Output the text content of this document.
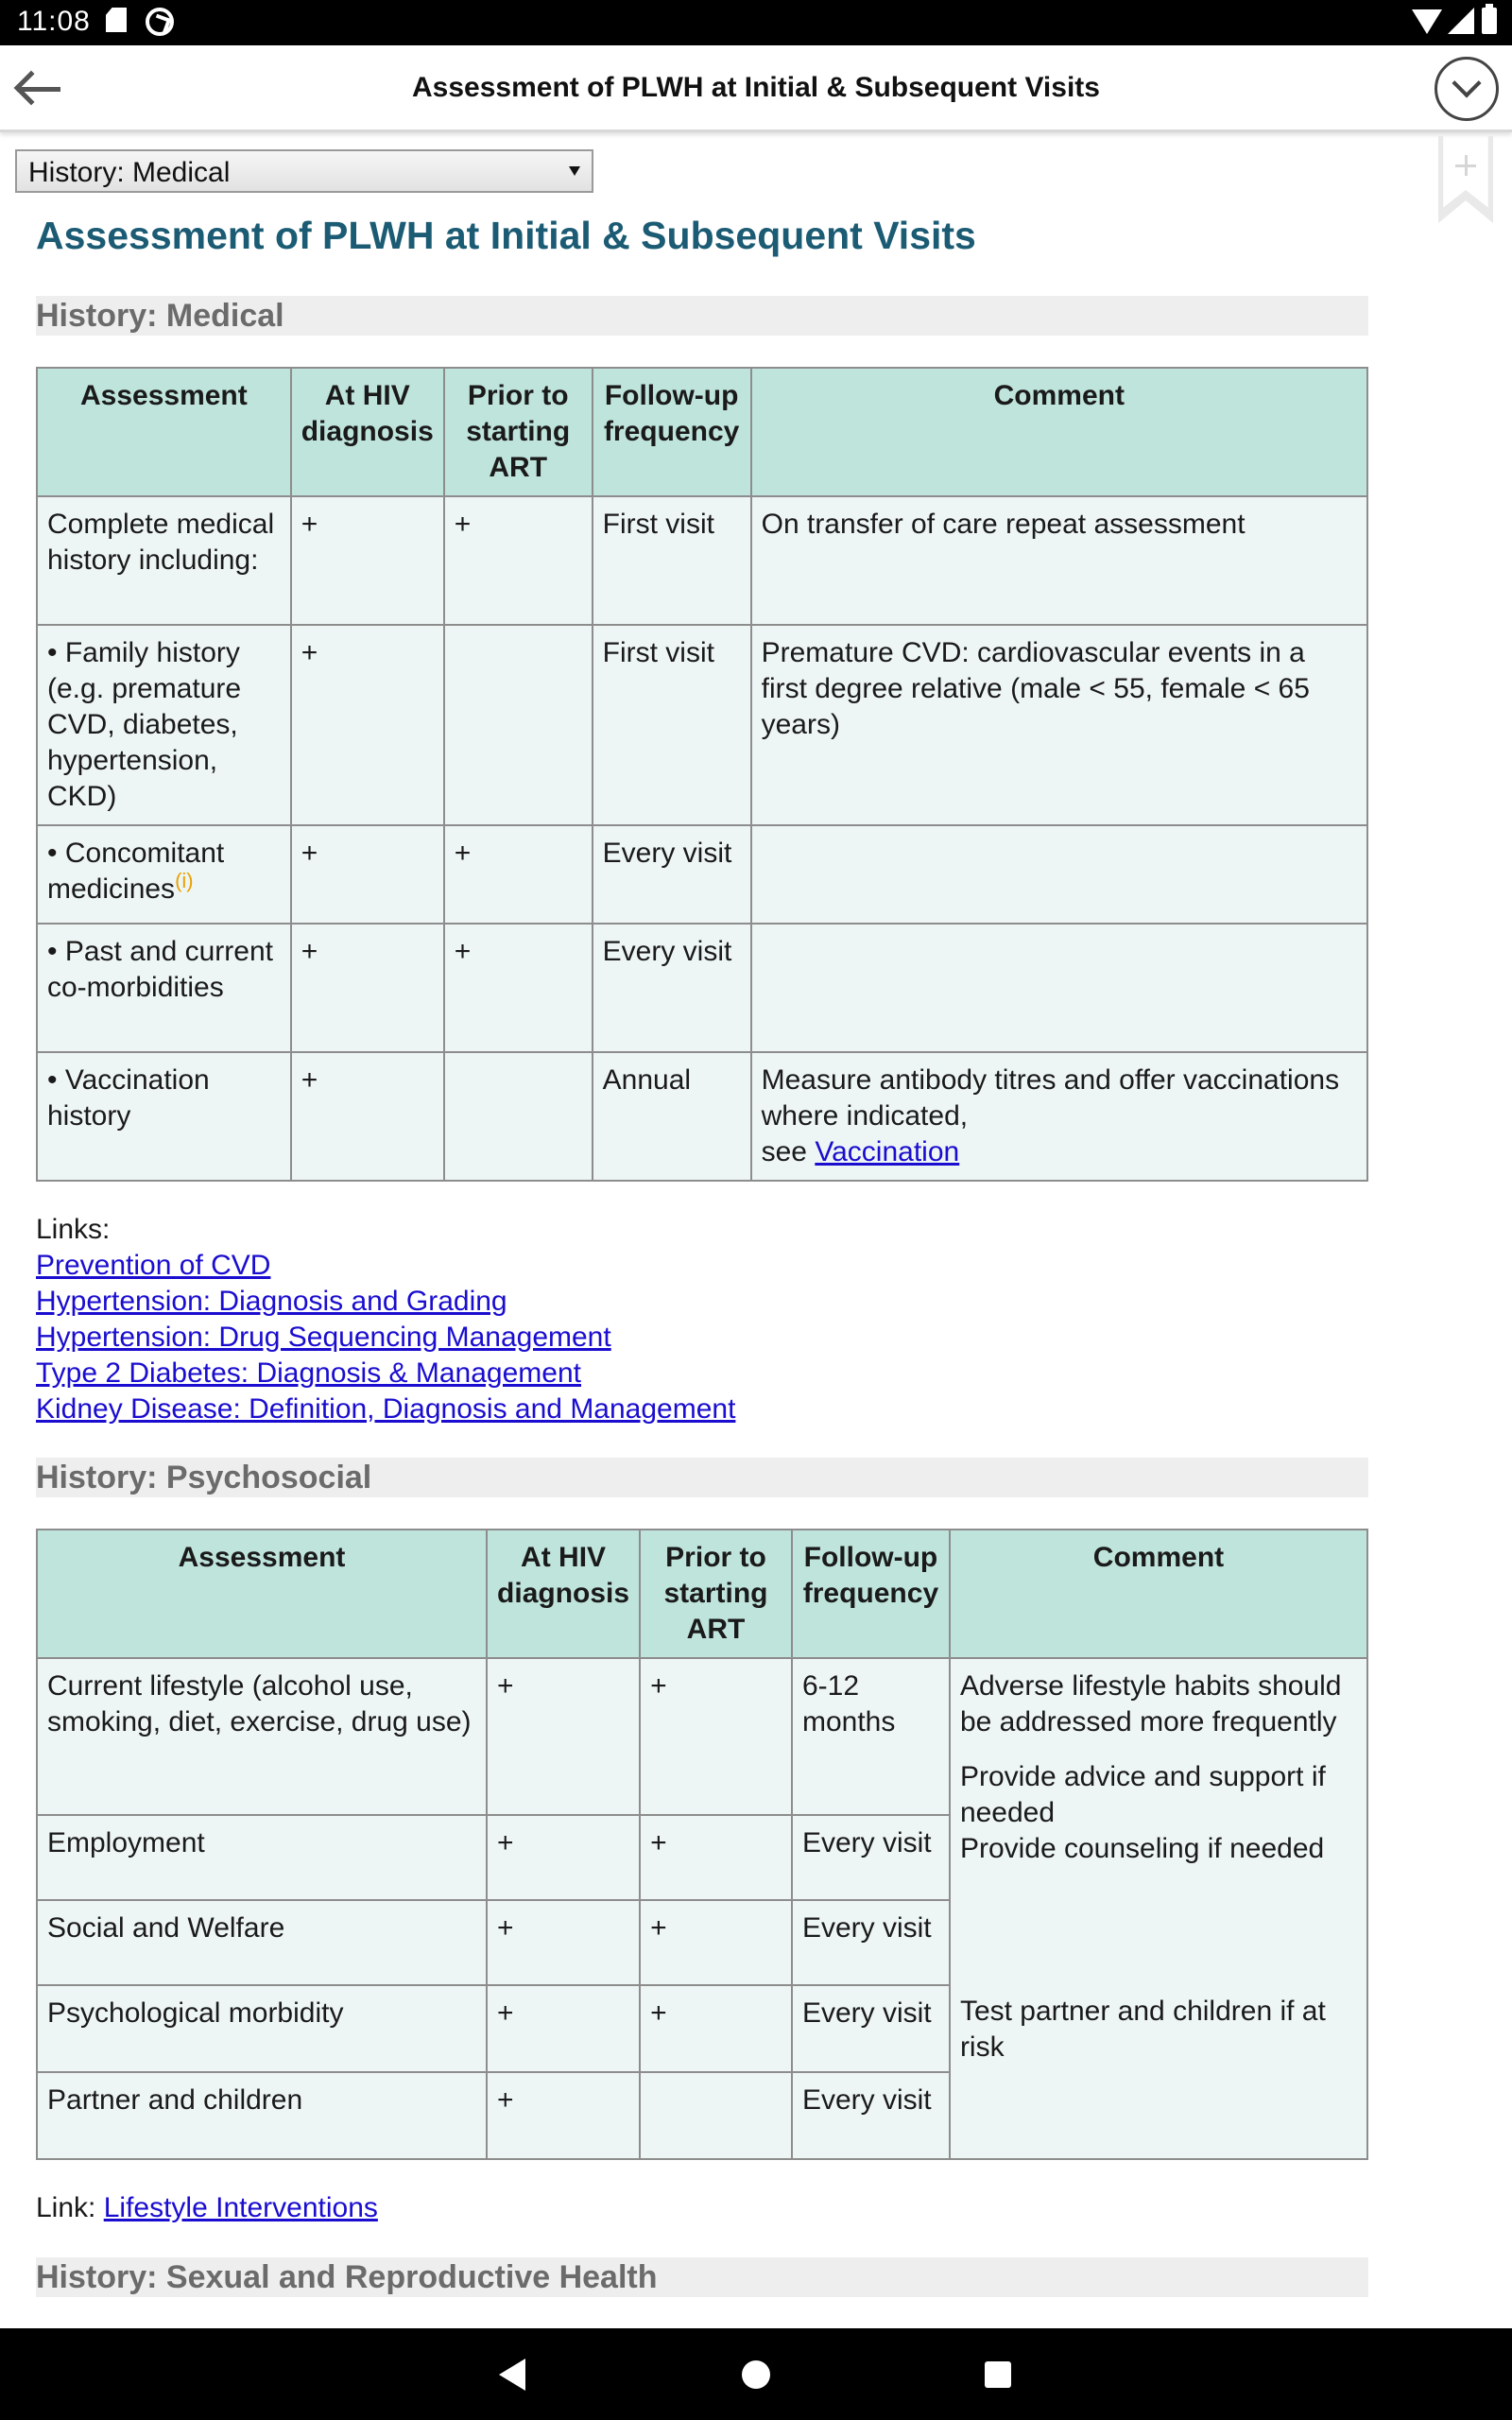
11:08
Assessment of PLWH at Initial & Subsequent Visits
History: Medical
Assessment of PLWH at Initial & Subsequent Visits
History: Medical
Assessment	At HIV diagnosis	Prior to starting ART	Follow-up frequency	Comment
Complete medical history including:	+	+	First visit	On transfer of care repeat assessment
• Family history (e.g. premature CVD, diabetes, hypertension, CKD)	+		First visit	Premature CVD: cardiovascular events in a first degree relative (male < 55, female < 65 years)
• Concomitant medicines$^{(i)}$	+	+	Every visit	
• Past and current co-morbidities	+	+	Every visit	
• Vaccination history	+		Annual	Measure antibody titres and offer vaccinations where indicated,
see Vaccination
Links:
Prevention of CVD
Hypertension: Diagnosis and Grading
Hypertension: Drug Sequencing Management
Type 2 Diabetes: Diagnosis & Management
Kidney Disease: Definition, Diagnosis and Management
History: Psychosocial
Assessment	At HIV diagnosis	Prior to starting ART	Follow-up frequency	Comment
Current lifestyle (alcohol use, smoking, diet, exercise, drug use)	+	+	6-12 months	Adverse lifestyle habits should be addressed more frequently
Provide advice and support if needed
Provide counseling if needed
Test partner and children if at risk

Employment	+	+	Every visit	
Social and Welfare	+	+	Every visit	
Psychological morbidity	+	+	Every visit	
Partner and children	+		Every visit	
Link: Lifestyle Interventions
History: Sexual and Reproductive Health
